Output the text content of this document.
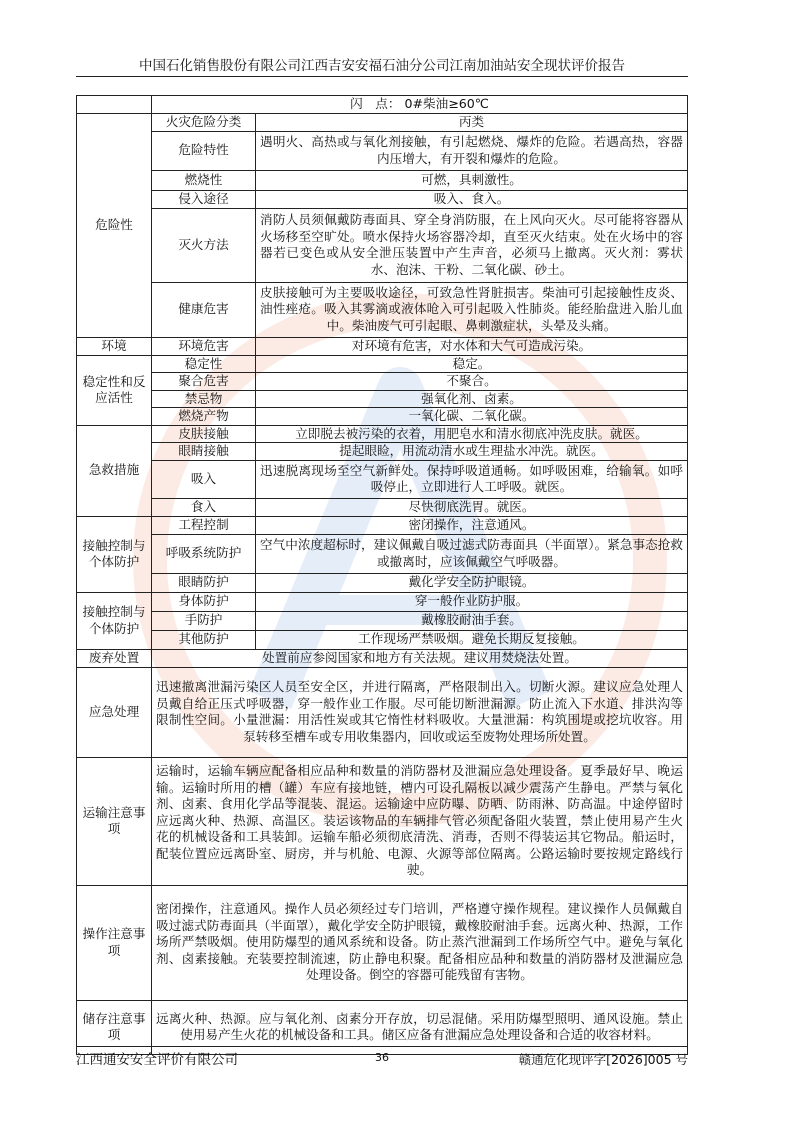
中国石化销售股份有限公司江西吉安安福石油分公司江南加油站安全现状评价报告
	闪　点： 0#柴油≥60℃	
危险性	火灾危险分类	丙类
	危险特性	遇明火、高热或与氧化剂接触，有引起燃烧、爆炸的危险。若遇高热，容器内压增大，有开裂和爆炸的危险。
	燃烧性	可燃，具刺激性。
	侵入途径	吸入、食入。
	灭火方法	消防人员须佩戴防毒面具、穿全身消防服，在上风向灭火。尽可能将容器从火场移至空旷处。喷水保持火场容器冷却，直至灭火结束。处在火场中的容器若已变色或从安全泄压装置中产生声音，必须马上撤离。灭火剂：雾状水、泡沫、干粉、二氧化碳、砂土。
	健康危害	皮肤接触可为主要吸收途径，可致急性肾脏损害。柴油可引起接触性皮炎、油性痤疮。吸入其雾滴或液体呛入可引起吸入性肺炎。能经胎盘进入胎儿血中。柴油废气可引起眼、鼻刺激症状，头晕及头痛。
环境	环境危害	对环境有危害，对水体和大气可造成污染。
稳定性和反应活性	稳定性	稳定。
	聚合危害	不聚合。
	禁忌物	强氧化剂、卤素。
	燃烧产物	一氧化碳、二氧化碳。
急救措施	皮肤接触	立即脱去被污染的衣着，用肥皂水和清水彻底冲洗皮肤。就医。
	眼睛接触	提起眼睑，用流动清水或生理盐水冲洗。就医。
	吸入	迅速脱离现场至空气新鲜处。保持呼吸道通畅。如呼吸困难，给输氧。如呼吸停止，立即进行人工呼吸。就医。
	食入	尽快彻底洗胃。就医。
接触控制与个体防护	工程控制	密闭操作，注意通风。
	呼吸系统防护	空气中浓度超标时，建议佩戴自吸过滤式防毒面具（半面罩）。紧急事态抢救或撤离时，应该佩戴空气呼吸器。
	眼睛防护	戴化学安全防护眼镜。
接触控制与个体防护	身体防护	穿一般作业防护服。
	手防护	戴橡胶耐油手套。
	其他防护	工作现场严禁吸烟。避免长期反复接触。
废弃处置	处置前应参阅国家和地方有关法规。建议用焚烧法处置。	
应急处理	迅速撤离泄漏污染区人员至安全区，并进行隔离，严格限制出入。切断火源。建议应急处理人员戴自给正压式呼吸器，穿一般作业工作服。尽可能切断泄漏源。防止流入下水道、排洪沟等限制性空间。小量泄漏：用活性炭或其它惰性材料吸收。大量泄漏：构筑围堤或挖坑收容。用泵转移至槽车或专用收集器内，回收或运至废物处理场所处置。	
运输注意事项	运输时，运输车辆应配备相应品种和数量的消防器材及泄漏应急处理设备。夏季最好早、晚运输。运输时所用的槽（罐）车应有接地链，槽内可设孔隔板以减少震荡产生静电。严禁与氧化剂、卤素、食用化学品等混装、混运。运输途中应防曝、防晒、防雨淋、防高温。中途停留时应远离火种、热源、高温区。装运该物品的车辆排气管必须配备阻火装置，禁止使用易产生火花的机械设备和工具装卸。运输车船必须彻底清洗、消毒，否则不得装运其它物品。船运时，配装位置应远离卧室、厨房，并与机舱、电源、火源等部位隔离。公路运输时要按规定路线行驶。	
操作注意事项	密闭操作，注意通风。操作人员必须经过专门培训，严格遵守操作规程。建议操作人员佩戴自吸过滤式防毒面具（半面罩），戴化学安全防护眼镜，戴橡胶耐油手套。远离火种、热源，工作场所严禁吸烟。使用防爆型的通风系统和设备。防止蒸汽泄漏到工作场所空气中。避免与氧化剂、卤素接触。充装要控制流速，防止静电积聚。配备相应品种和数量的消防器材及泄漏应急处理设备。倒空的容器可能残留有害物。	
储存注意事项	远离火种、热源。应与氧化剂、卤素分开存放，切忌混储。采用防爆型照明、通风设施。禁止使用易产生火花的机械设备和工具。储区应备有泄漏应急处理设备和合适的收容材料。	
江西通安安全评价有限公司	36	赣通危化现评字[2026]005 号
